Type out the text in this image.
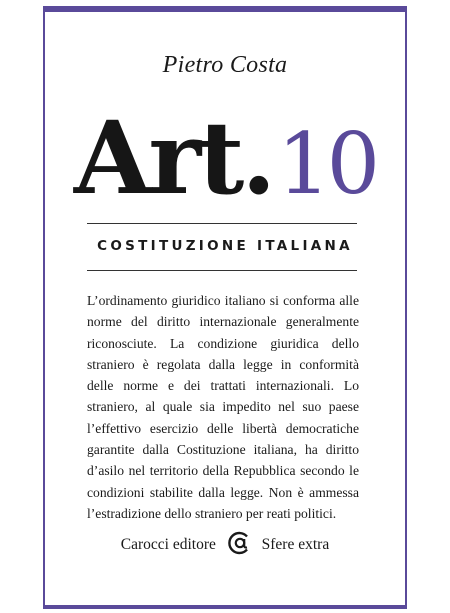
Pietro Costa
Art.10
COSTITUZIONE ITALIANA

L’ordinamento giuridico italiano si conforma alle norme del diritto internazionale generalmente riconosciute. La condizione giuridica dello straniero è regolata dalla legge in conformità delle norme e dei trattati internazionali. Lo straniero, al quale sia impedito nel suo paese l’effettivo esercizio delle libertà democratiche garantite dalla Costituzione italiana, ha diritto d’asilo nel territorio della Repubblica secondo le condizioni stabilite dalla legge. Non è ammessa l’estradizione dello straniero per reati politici.

Carocci editore	Sfere extra
